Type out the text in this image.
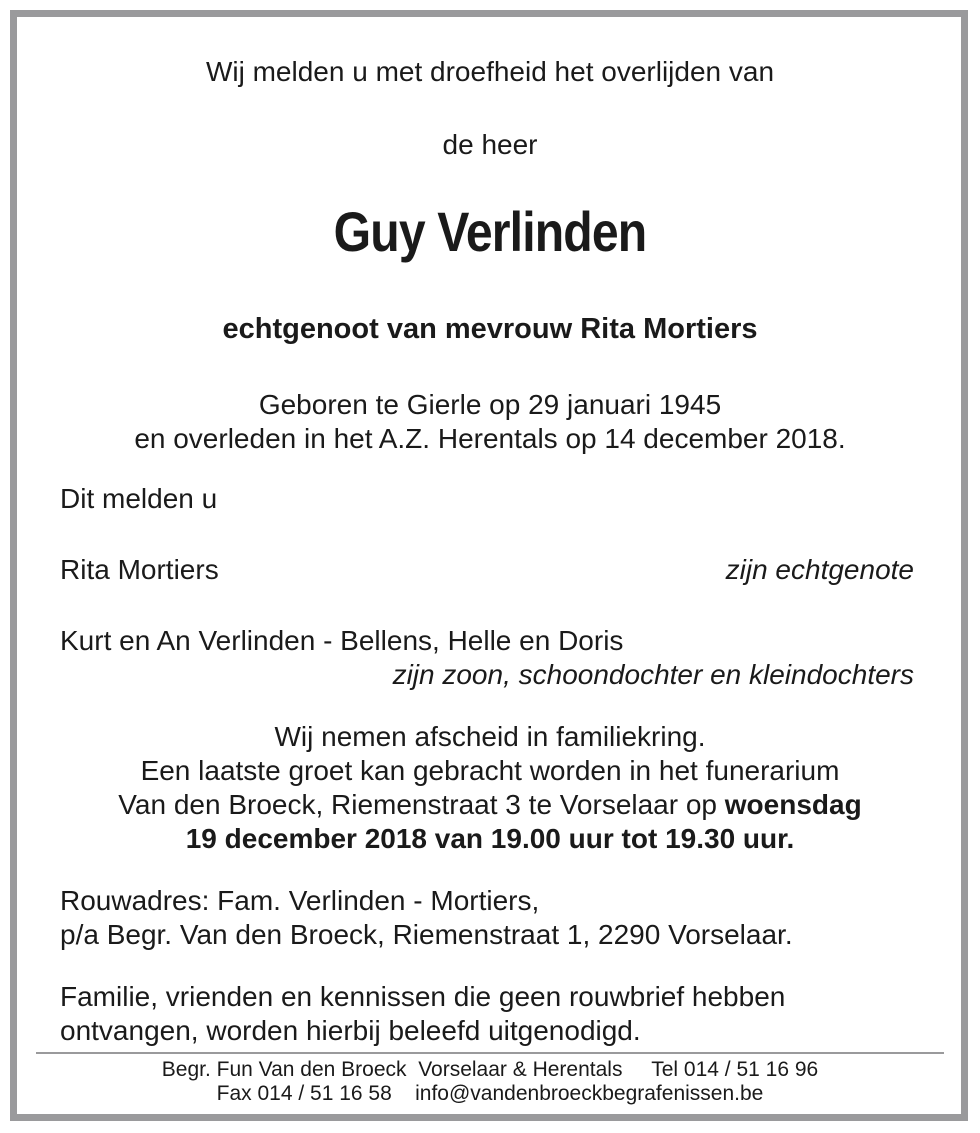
Wij melden u met droefheid het overlijden van
de heer
Guy Verlinden
echtgenoot van mevrouw Rita Mortiers
Geboren te Gierle op 29 januari 1945
en overleden in het A.Z. Herentals op 14 december 2018.
Dit melden u
Rita Mortiers	zijn echtgenote
Kurt en An Verlinden - Bellens, Helle en Doris
zijn zoon, schoondochter en kleindochters
Wij nemen afscheid in familiekring.
Een laatste groet kan gebracht worden in het funerarium
Van den Broeck, Riemenstraat 3 te Vorselaar op woensdag
19 december 2018 van 19.00 uur tot 19.30 uur.
Rouwadres: Fam. Verlinden - Mortiers,
p/a Begr. Van den Broeck, Riemenstraat 1, 2290 Vorselaar.
Familie, vrienden en kennissen die geen rouwbrief hebben
ontvangen, worden hierbij beleefd uitgenodigd.
Begr. Fun Van den Broeck  Vorselaar & Herentals     Tel 014 / 51 16 96
Fax 014 / 51 16 58    info@vandenbroeckbegrafenissen.be
